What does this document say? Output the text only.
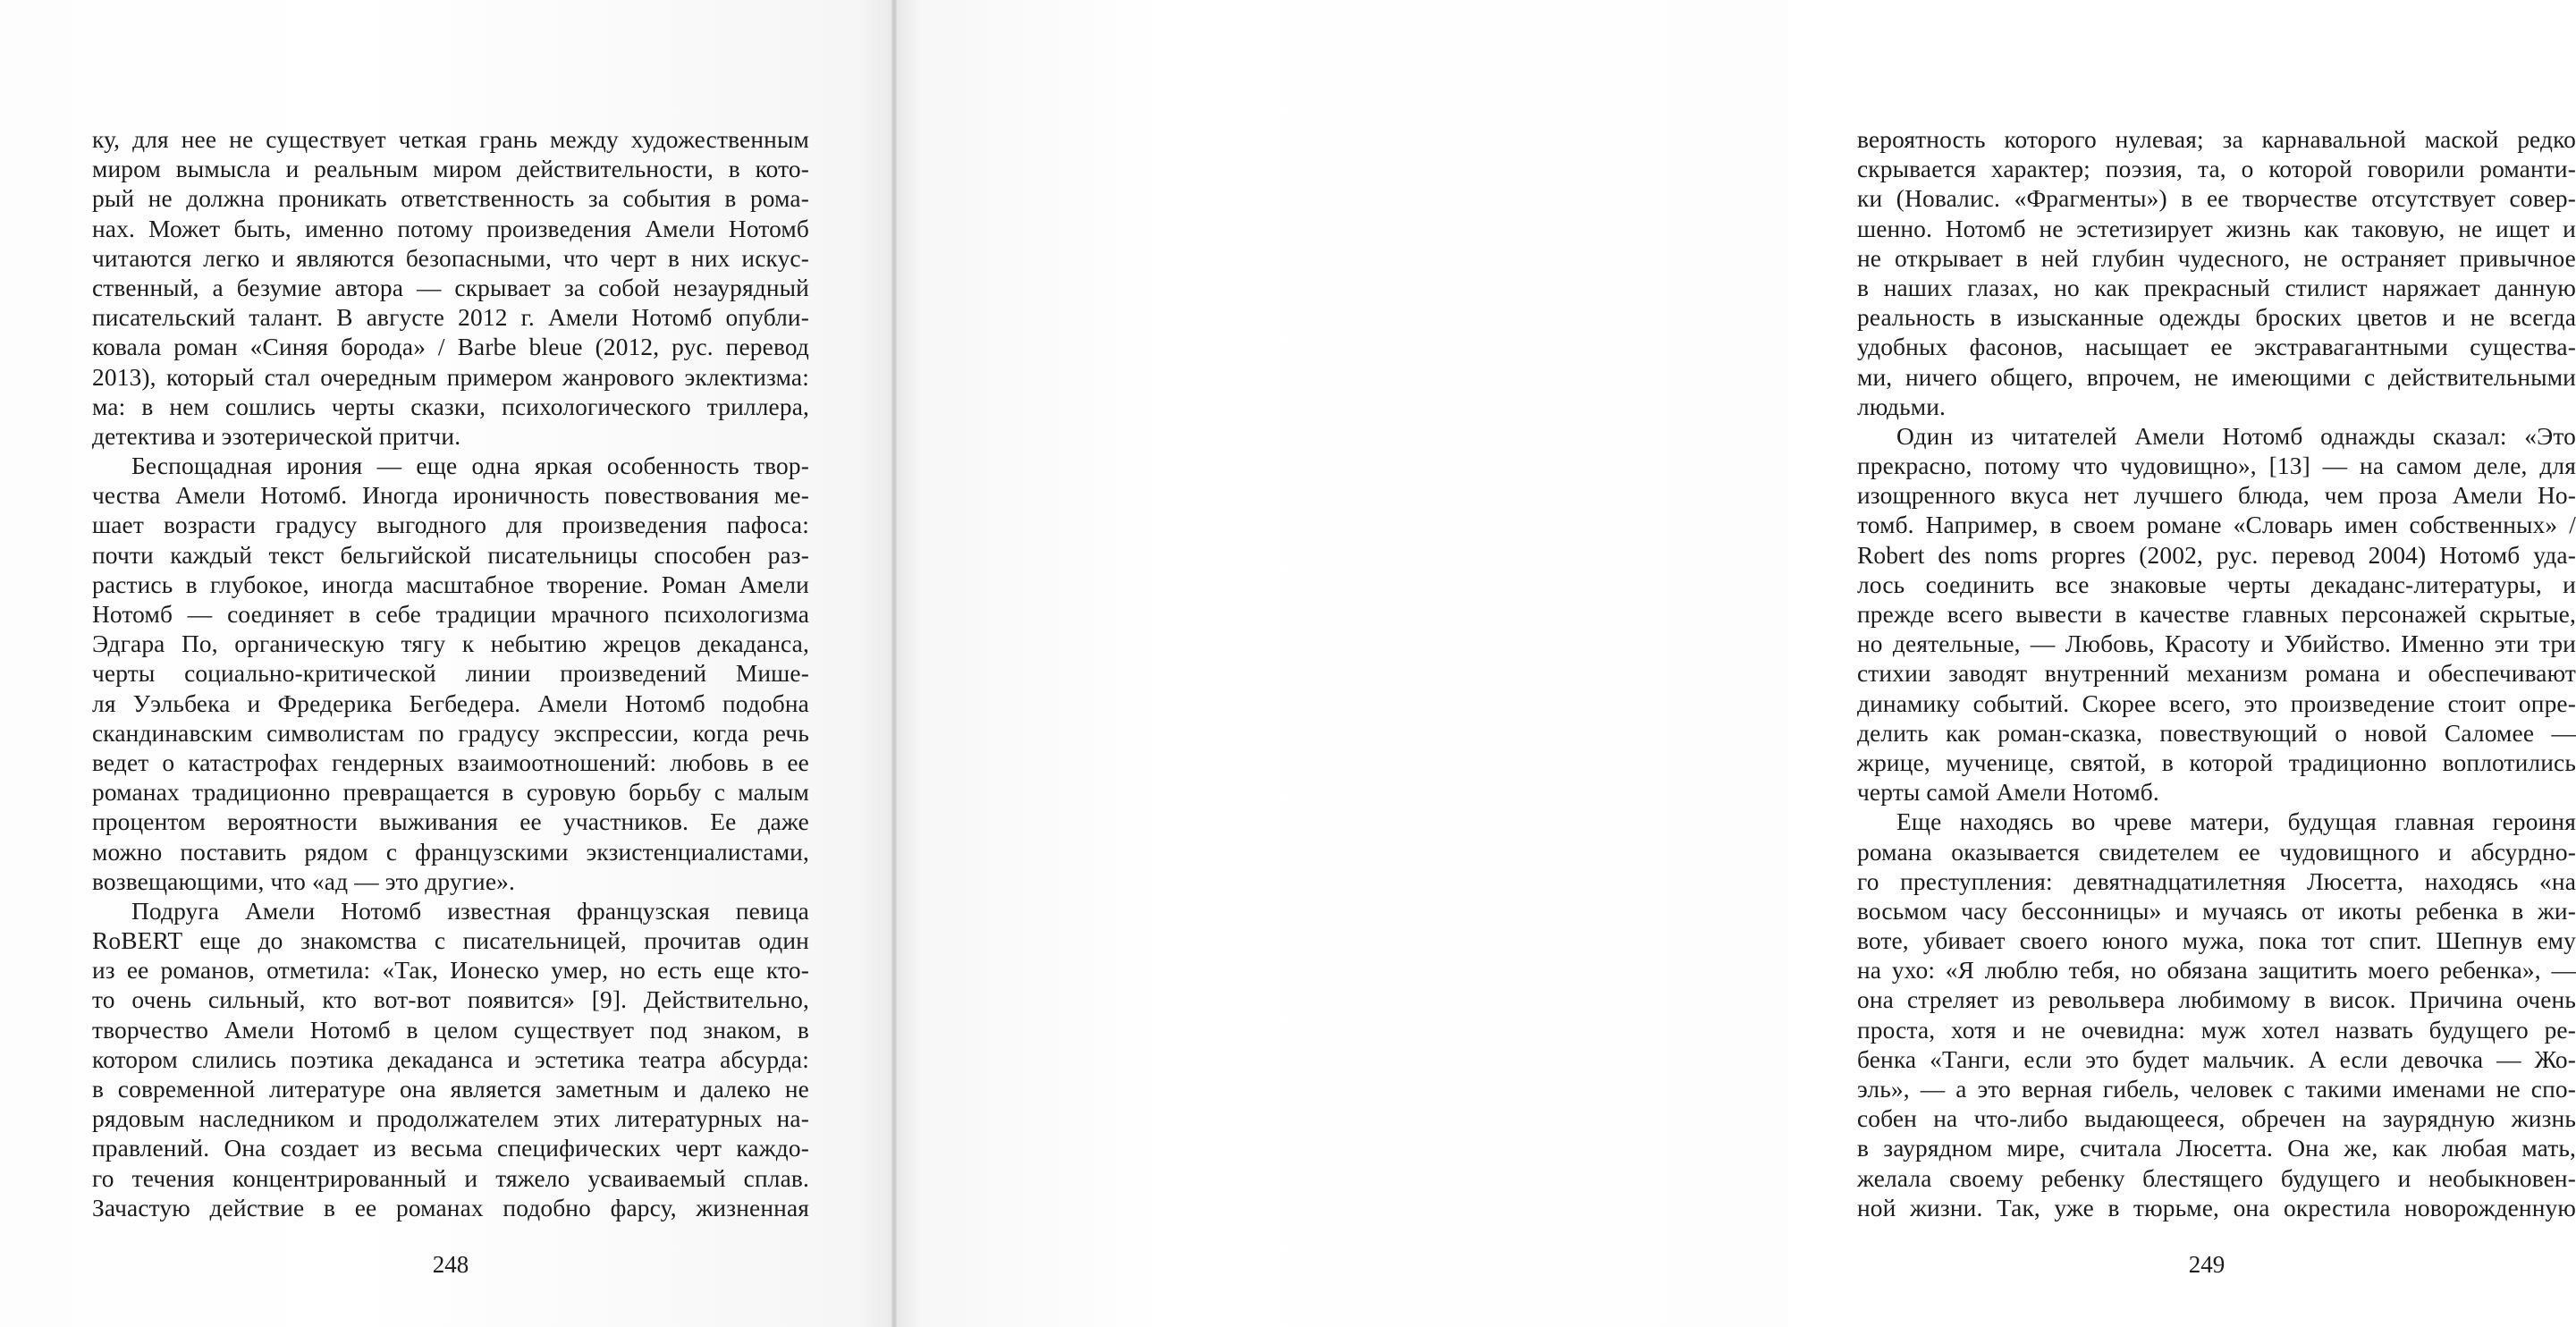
ку, для нее не существует четкая грань между художественным
миром вымысла и реальным миром действительности, в кото-
рый не должна проникать ответственность за события в рома-
нах. Может быть, именно потому произведения Амели Нотомб
читаются легко и являются безопасными, что черт в них искус-
ственный, а безумие автора — скрывает за собой незаурядный
писательский талант. В августе 2012 г. Амели Нотомб опубли-
ковала роман «Синяя борода» / Barbe bleue (2012, рус. перевод
2013), который стал очередным примером жанрового эклектизма:
ма: в нем сошлись черты сказки, психологического триллера,
детектива и эзотерической притчи.
Беспощадная ирония — еще одна яркая особенность твор-
чества Амели Нотомб. Иногда ироничность повествования ме-
шает возрасти градусу выгодного для произведения пафоса:
почти каждый текст бельгийской писательницы способен раз-
растись в глубокое, иногда масштабное творение. Роман Амели
Нотомб — соединяет в себе традиции мрачного психологизма
Эдгара По, органическую тягу к небытию жрецов декаданса,
черты социально-критической линии произведений Мише-
ля Уэльбека и Фредерика Бегбедера. Амели Нотомб подобна
скандинавским символистам по градусу экспрессии, когда речь
ведет о катастрофах гендерных взаимоотношений: любовь в ее
романах традиционно превращается в суровую борьбу с малым
процентом вероятности выживания ее участников. Ее даже
можно поставить рядом с французскими экзистенциалистами,
возвещающими, что «ад — это другие».
Подруга Амели Нотомб известная французская певица
RoBERT еще до знакомства с писательницей, прочитав один
из ее романов, отметила: «Так, Ионеско умер, но есть еще кто-
то очень сильный, кто вот-вот появится» [9]. Действительно,
творчество Амели Нотомб в целом существует под знаком, в
котором слились поэтика декаданса и эстетика театра абсурда:
в современной литературе она является заметным и далеко не
рядовым наследником и продолжателем этих литературных на-
правлений. Она создает из весьма специфических черт каждо-
го течения концентрированный и тяжело усваиваемый сплав.
Зачастую действие в ее романах подобно фарсу, жизненная
248
вероятность которого нулевая; за карнавальной маской редко
скрывается характер; поэзия, та, о которой говорили романти-
ки (Новалис. «Фрагменты») в ее творчестве отсутствует совер-
шенно. Нотомб не эстетизирует жизнь как таковую, не ищет и
не открывает в ней глубин чудесного, не остраняет привычное
в наших глазах, но как прекрасный стилист наряжает данную
реальность в изысканные одежды броских цветов и не всегда
удобных фасонов, насыщает ее экстравагантными существа-
ми, ничего общего, впрочем, не имеющими с действительными
людьми.
Один из читателей Амели Нотомб однажды сказал: «Это
прекрасно, потому что чудовищно», [13] — на самом деле, для
изощренного вкуса нет лучшего блюда, чем проза Амели Но-
томб. Например, в своем романе «Словарь имен собственных» /
Robert des noms propres (2002, рус. перевод 2004) Нотомб уда-
лось соединить все знаковые черты декаданс-литературы, и
прежде всего вывести в качестве главных персонажей скрытые,
но деятельные, — Любовь, Красоту и Убийство. Именно эти три
стихии заводят внутренний механизм романа и обеспечивают
динамику событий. Скорее всего, это произведение стоит опре-
делить как роман-сказка, повествующий о новой Саломее —
жрице, мученице, святой, в которой традиционно воплотились
черты самой Амели Нотомб.
Еще находясь во чреве матери, будущая главная героиня
романа оказывается свидетелем ее чудовищного и абсурдно-
го преступления: девятнадцатилетняя Люсетта, находясь «на
восьмом часу бессонницы» и мучаясь от икоты ребенка в жи-
воте, убивает своего юного мужа, пока тот спит. Шепнув ему
на ухо: «Я люблю тебя, но обязана защитить моего ребенка», —
она стреляет из револьвера любимому в висок. Причина очень
проста, хотя и не очевидна: муж хотел назвать будущего ре-
бенка «Танги, если это будет мальчик. А если девочка — Жо-
эль», — а это верная гибель, человек с такими именами не спо-
собен на что-либо выдающееся, обречен на заурядную жизнь
в заурядном мире, считала Люсетта. Она же, как любая мать,
желала своему ребенку блестящего будущего и необыкновен-
ной жизни. Так, уже в тюрьме, она окрестила новорожденную
249
